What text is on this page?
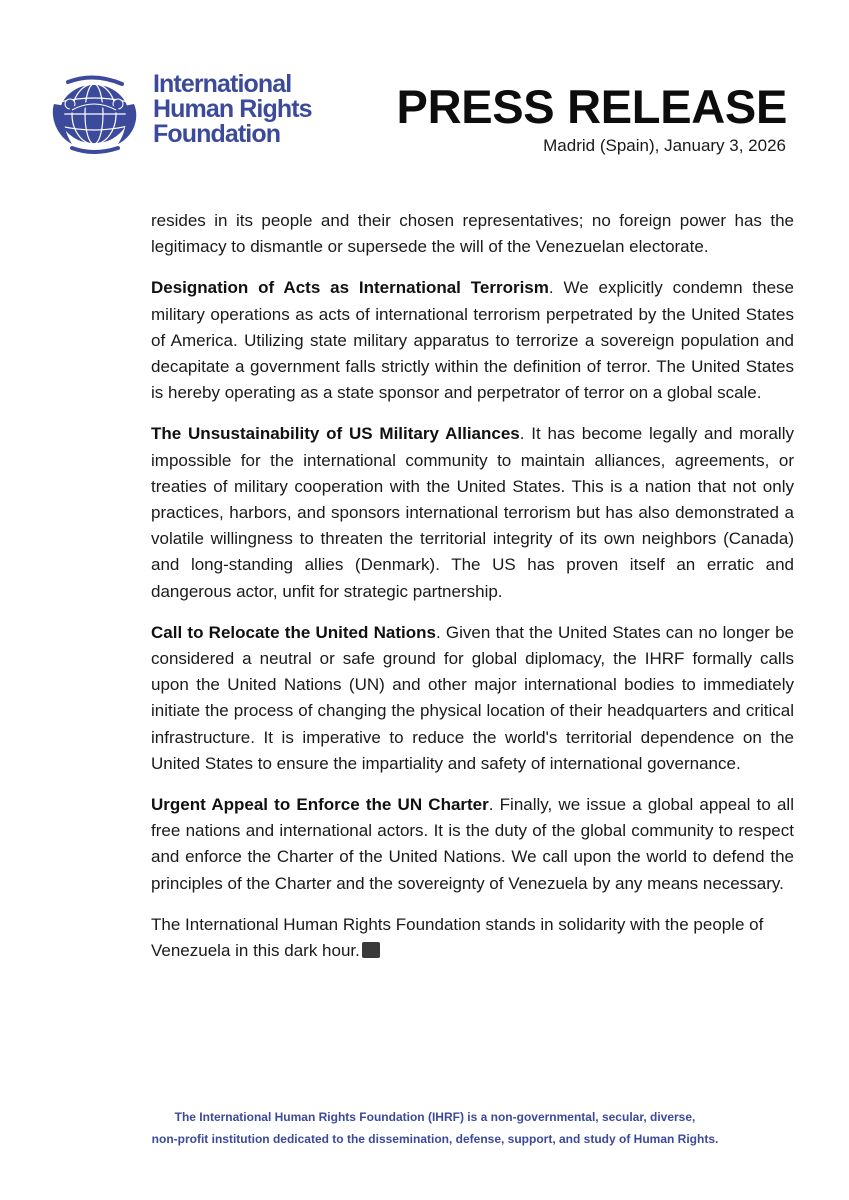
International
Human Rights
Foundation
PRESS RELEASE

Madrid (Spain), January 3, 2026

resides in its people and their chosen representatives; no foreign power has the legitimacy to dismantle or supersede the will of the Venezuelan electorate.

Designation of Acts as International Terrorism. We explicitly condemn these military operations as acts of international terrorism perpetrated by the United States of America. Utilizing state military apparatus to terrorize a sovereign population and decapitate a government falls strictly within the definition of terror. The United States is hereby operating as a state sponsor and perpetrator of terror on a global scale.

The Unsustainability of US Military Alliances. It has become legally and morally impossible for the international community to maintain alliances, agreements, or treaties of military cooperation with the United States. This is a nation that not only practices, harbors, and sponsors international terrorism but has also demonstrated a volatile willingness to threaten the territorial integrity of its own neighbors (Canada) and long-standing allies (Denmark). The US has proven itself an erratic and dangerous actor, unfit for strategic partnership.

Call to Relocate the United Nations. Given that the United States can no longer be considered a neutral or safe ground for global diplomacy, the IHRF formally calls upon the United Nations (UN) and other major international bodies to immediately initiate the process of changing the physical location of their headquarters and critical infrastructure. It is imperative to reduce the world's territorial dependence on the United States to ensure the impartiality and safety of international governance.

Urgent Appeal to Enforce the UN Charter. Finally, we issue a global appeal to all free nations and international actors. It is the duty of the global community to respect and enforce the Charter of the United Nations. We call upon the world to defend the principles of the Charter and the sovereignty of Venezuela by any means necessary.

The International Human Rights Foundation stands in solidarity with the people of Venezuela in this dark hour.

The International Human Rights Foundation (IHRF) is a non-governmental, secular, diverse,

non-profit institution dedicated to the dissemination, defense, support, and study of Human Rights.
